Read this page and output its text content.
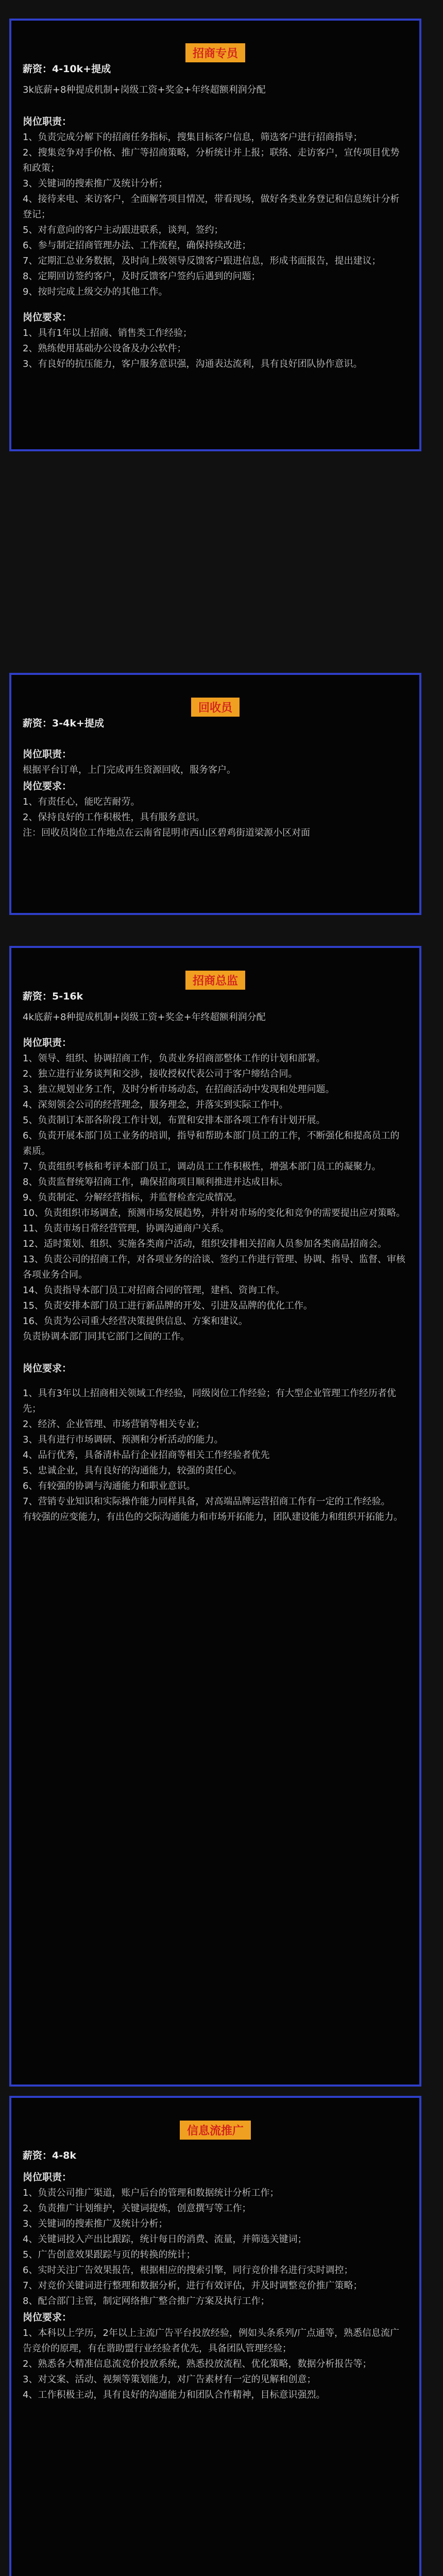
招商专员

薪资：4-10k+提成

3k底薪+8种提成机制+岗级工资+奖金+年终超额利润分配

岗位职责：

1、负责完成分解下的招商任务指标，搜集目标客户信息，筛选客户进行招商指导；

2、搜集竞争对手价格、推广等招商策略，分析统计并上报；联络、走访客户，宣传项目优势和政策；

3、关键词的搜索推广及统计分析；

4、接待来电、来访客户，全面解答项目情况，带看现场，做好各类业务登记和信息统计分析登记；

5、对有意向的客户主动跟进联系，谈判，签约；

6、参与制定招商管理办法、工作流程，确保持续改进；

7、定期汇总业务数据，及时向上级领导反馈客户跟进信息，形成书面报告，提出建议；

8、定期回访签约客户，及时反馈客户签约后遇到的问题；

9、按时完成上级交办的其他工作。

岗位要求：

1、具有1年以上招商、销售类工作经验；

2、熟练使用基础办公设备及办公软件；

3、有良好的抗压能力，客户服务意识强，沟通表达流利，具有良好团队协作意识。

回收员

薪资：3-4k+提成

岗位职责：

根据平台订单，上门完成再生资源回收，服务客户。

岗位要求：

1、有责任心，能吃苦耐劳。

2、保持良好的工作积极性，具有服务意识。

注：回收员岗位工作地点在云南省昆明市西山区碧鸡街道梁源小区对面

招商总监

薪资：5-16k

4k底薪+8种提成机制+岗级工资+奖金+年终超额利润分配

岗位职责：

1、领导、组织、协调招商工作，负责业务招商部整体工作的计划和部署。

2、独立进行业务谈判和交涉，接收授权代表公司于客户缔结合同。

3、独立规划业务工作，及时分析市场动态，在招商活动中发现和处理问题。

4、深刻领会公司的经营理念，服务理念，并落实到实际工作中。

5、负责制订本部各阶段工作计划，布置和安排本部各项工作有计划开展。

6、负责开展本部门员工业务的培训，指导和帮助本部门员工的工作，不断强化和提高员工的素质。

7、负责组织考核和考评本部门员工，调动员工工作积极性，增强本部门员工的凝聚力。

8、负责监督统筹招商工作，确保招商项目顺利推进并达成目标。

9、负责制定、分解经营指标，并监督检查完成情况。

10、负责组织市场调查，预测市场发展趋势，并针对市场的变化和竞争的需要提出应对策略。

11、负责市场日常经营管理，协调沟通商户关系。

12、适时策划、组织、实施各类商户活动，组织安排相关招商人员参加各类商品招商会。

13、负责公司的招商工作，对各项业务的洽谈、签约工作进行管理、协调、指导、监督、审核各项业务合同。

14、负责指导本部门员工对招商合同的管理，建档、资询工作。

15、负责安排本部门员工进行新品牌的开发、引进及品牌的优化工作。

16、负责为公司重大经营决策提供信息、方案和建议。

负责协调本部门同其它部门之间的工作。

岗位要求：

1、具有3年以上招商相关领域工作经验，同级岗位工作经验；有大型企业管理工作经历者优先；

2、经济、企业管理、市场营销等相关专业；

3、具有进行市场调研、预测和分析活动的能力。

4、品行优秀，具备清朴品行企业招商等相关工作经验者优先

5、忠诚企业，具有良好的沟通能力，较强的责任心。

6、有较强的协调与沟通能力和职业意识。

7、营销专业知识和实际操作能力同样具备，对高端品牌运营招商工作有一定的工作经验。

有较强的应变能力，有出色的交际沟通能力和市场开拓能力，团队建设能力和组织开拓能力。

信息流推广

薪资：4-8k

岗位职责：

1、负责公司推广渠道，账户后台的管理和数据统计分析工作；

2、负责推广计划维护，关键词提炼，创意撰写等工作；

3、关键词的搜索推广及统计分析；

4、关键词投入产出比跟踪，统计每日的消费、流量，并筛选关键词；

5、广告创意效果跟踪与页的转换的统计；

6、实时关注广告效果报告，根据相应的搜索引擎，同行竞价排名进行实时调控；

7、对竞价关键词进行整理和数据分析，进行有效评估，并及时调整竞价推广策略；

8、配合部门主管，制定网络推广整合推广方案及执行工作；

岗位要求：

1、本科以上学历，2年以上主流广告平台投放经验，例如头条系列/广点通等，熟悉信息流广告竞价的原理，有在谐助盟行业经验者优先，具备团队管理经验；

2、熟悉各大精准信息流竞价投放系统，熟悉投放流程、优化策略，数据分析报告等；

3、对文案、活动、视频等策划能力，对广告素材有一定的见解和创意；

4、工作积极主动，具有良好的沟通能力和团队合作精神，目标意识强烈。
